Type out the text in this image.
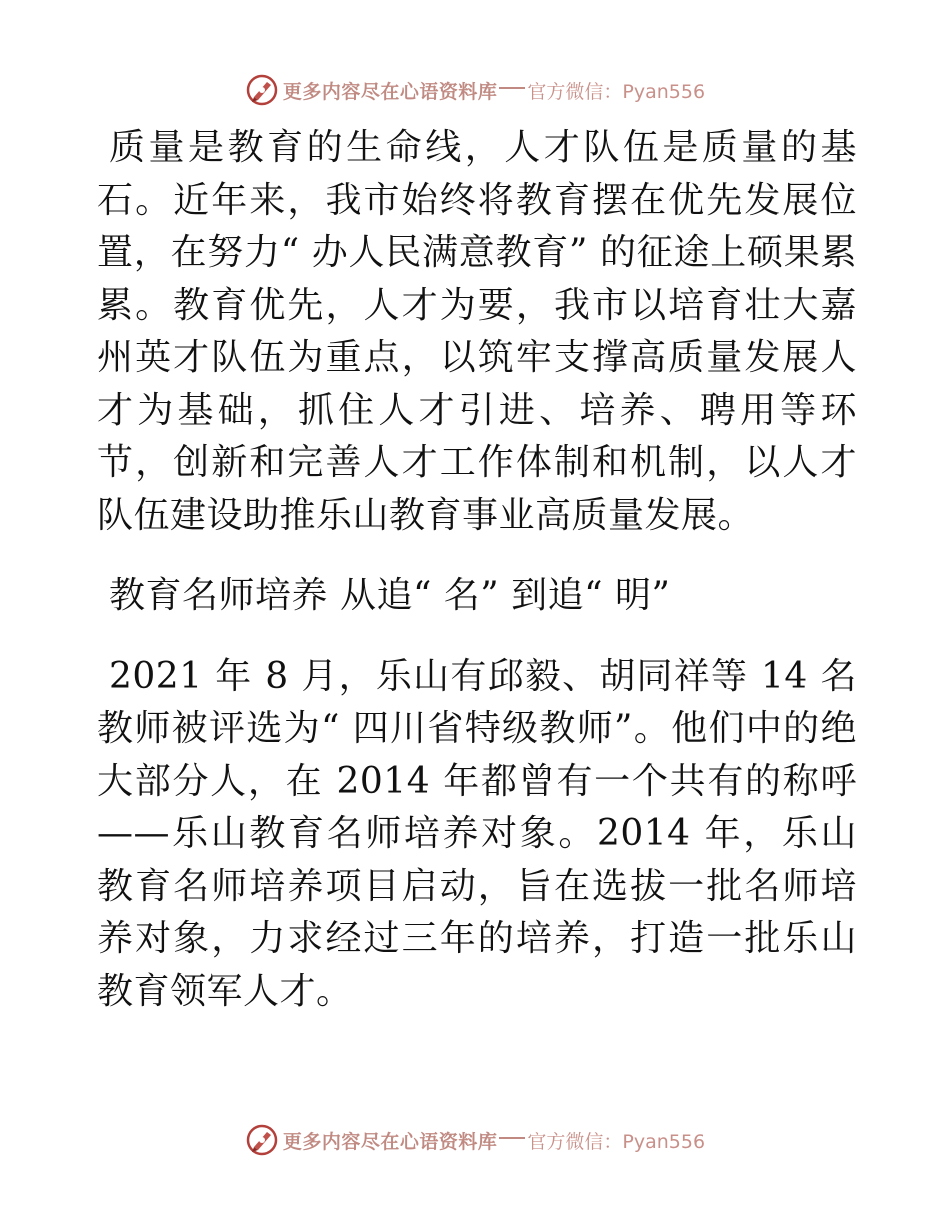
更多内容尽在心语资料库 官方微信：Pyan556

质量是教育的生命线，人才队伍是质量的基石。近年来，我市始终将教育摆在优先发展位置，在努力“ 办人民满意教育” 的征途上硕果累累。教育优先，人才为要，我市以培育壮大嘉州英才队伍为重点，以筑牢支撑高质量发展人才为基础，抓住人才引进、培养、聘用等环节，创新和完善人才工作体制和机制，以人才队伍建设助推乐山教育事业高质量发展。

教育名师培养 从追“ 名” 到追“ 明”

2021 年 8 月，乐山有邱毅、胡同祥等 14 名教师被评选为“ 四川省特级教师”。他们中的绝大部分人，在 2014 年都曾有一个共有的称呼——乐山教育名师培养对象。2014 年，乐山教育名师培养项目启动，旨在选拔一批名师培养对象，力求经过三年的培养，打造一批乐山教育领军人才。

更多内容尽在心语资料库 官方微信：Pyan556
